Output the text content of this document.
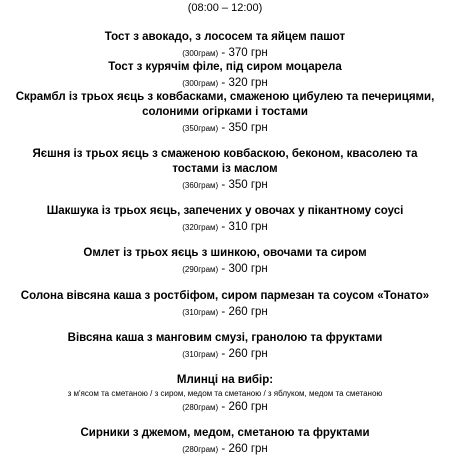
(08:00 – 12:00)
Тост з авокадо, з лососем та яйцем пашот
(300грам) - 370 грн
Тост з курячім філе, під сиром моцарела
(300грам) - 320 грн
Скрамбл із трьох яєць з ковбасками, смаженою цибулею та печерицями,
солоними огірками і тостами
(350грам) - 350 грн
Яєшня із трьох яєць з смаженою ковбаскою, беконом, квасолею та
тостами із маслом
(360грам) - 350 грн
Шакшука із трьох яєць, запечених у овочах у пікантному соусі
(320грам) - 310 грн
Омлет із трьох яєць з шинкою, овочами та сиром
(290грам) - 300 грн
Солона вівсяна каша з ростбіфом, сиром пармезан та соусом «Тонато»
(310грам) - 260 грн
Вівсяна каша з манговим смузі, гранолою та фруктами
(310грам) - 260 грн
Млинці на вибір:
з м'ясом та сметаною / з сиром, медом та сметаною / з яблуком, медом та сметаною
(280грам) - 260 грн
Сирники з джемом, медом, сметаною та фруктами
(280грам) - 260 грн
